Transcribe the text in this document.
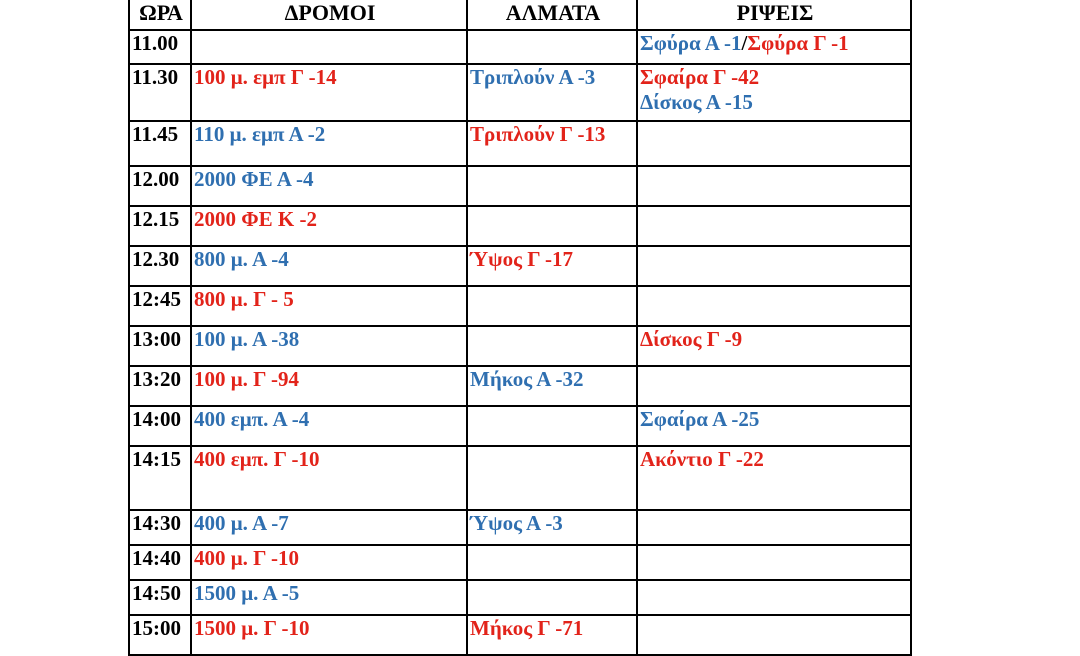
ΩΡΑ	ΔΡΟΜΟΙ	ΑΛΜΑΤΑ	ΡΙΨΕΙΣ
11.00			Σφύρα Α -1/Σφύρα Γ -1

11.30	100 μ. εμπ Γ -14	Τριπλούν Α -3	Σφαίρα Γ -42
Δίσκος Α -15

11.45	110 μ. εμπ Α -2	Τριπλούν Γ -13	

12.00	2000 ΦΕ Α -4		

12.15	2000 ΦΕ Κ -2		

12.30	800 μ. Α -4	Ύψος Γ -17	

12:45	800 μ. Γ - 5		

13:00	100 μ. Α -38		Δίσκος Γ -9

13:20	100 μ. Γ -94	Μήκος Α -32	

14:00	400 εμπ. Α -4		Σφαίρα Α -25

14:15	400 εμπ. Γ -10		Ακόντιο Γ -22

14:30	400 μ. Α -7	Ύψος Α -3	

14:40	400 μ. Γ -10		

14:50	1500 μ. Α -5		

15:00	1500 μ. Γ -10	Μήκος Γ -71	
